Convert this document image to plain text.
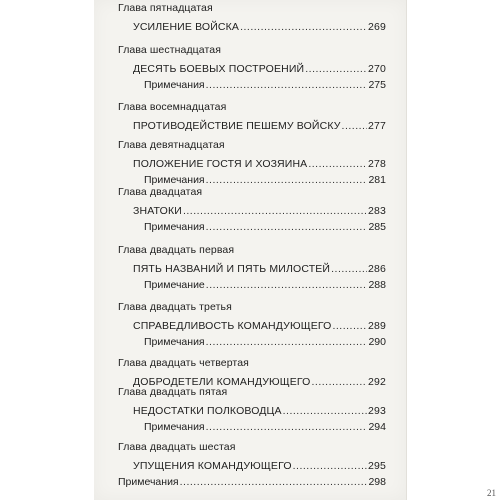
Глава пятнадцатая
УСИЛЕНИЕ ВОЙСКА .....	269
Глава шестнадцатая
ДЕСЯТЬ БОЕВЫХ ПОСТРОЕНИЙ .....	270
Примечания .....	275
Глава восемнадцатая
ПРОТИВОДЕЙСТВИЕ ПЕШЕМУ ВОЙСКУ .....	277
Глава девятнадцатая
ПОЛОЖЕНИЕ ГОСТЯ И ХОЗЯИНА .....	278
Примечания .....	281
Глава двадцатая
ЗНАТОКИ .....	283
Примечания .....	285
Глава двадцать первая
ПЯТЬ НАЗВАНИЙ И ПЯТЬ МИЛОСТЕЙ .....	286
Примечание .....	288
Глава двадцать третья
СПРАВЕДЛИВОСТЬ КОМАНДУЮЩЕГО .....	289
Примечания .....	290
Глава двадцать четвертая
ДОБРОДЕТЕЛИ КОМАНДУЮЩЕГО .....	292
Глава двадцать пятая
НЕДОСТАТКИ ПОЛКОВОДЦА .....	293
Примечания .....	294
Глава двадцать шестая
УПУЩЕНИЯ КОМАНДУЮЩЕГО .....	295
Примечания .....	298
21
